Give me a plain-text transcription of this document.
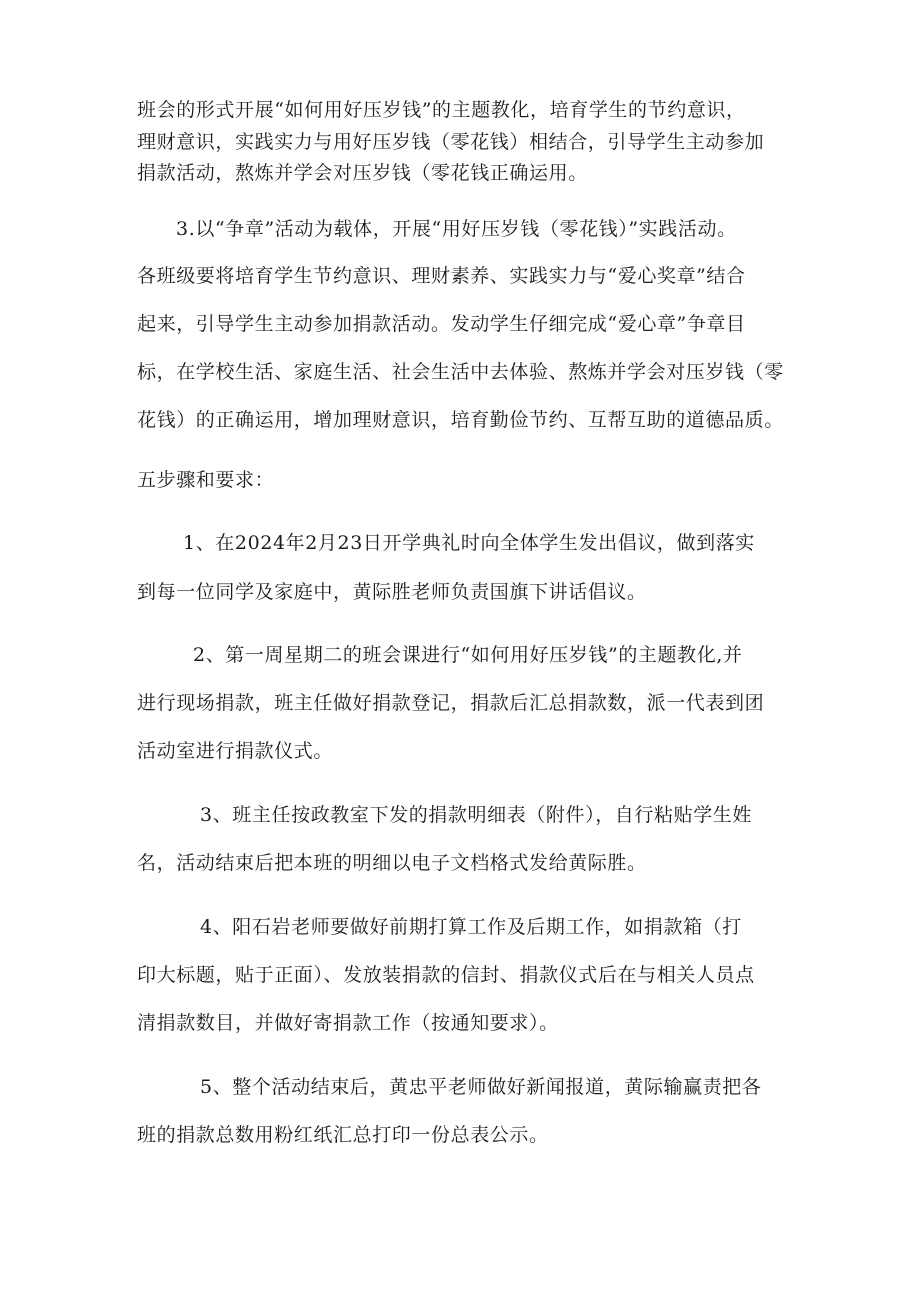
班会的形式开展“如何用好压岁钱”的主题教化，培育学生的节约意识，
理财意识，实践实力与用好压岁钱（零花钱）相结合，引导学生主动参加
捐款活动，熬炼并学会对压岁钱（零花钱正确运用。
3.以“争章”活动为载体，开展“用好压岁钱（零花钱）”实践活动。
各班级要将培育学生节约意识、理财素养、实践实力与“爱心奖章”结合
起来，引导学生主动参加捐款活动。发动学生仔细完成“爱心章”争章目
标，在学校生活、家庭生活、社会生活中去体验、熬炼并学会对压岁钱（零
花钱）的正确运用，增加理财意识，培育勤俭节约、互帮互助的道德品质。
五步骤和要求：
1、在2024年2月23日开学典礼时向全体学生发出倡议，做到落实
到每一位同学及家庭中，黄际胜老师负责国旗下讲话倡议。
2、第一周星期二的班会课进行“如何用好压岁钱”的主题教化,并
进行现场捐款，班主任做好捐款登记，捐款后汇总捐款数，派一代表到团
活动室进行捐款仪式。
3、班主任按政教室下发的捐款明细表（附件），自行粘贴学生姓
名，活动结束后把本班的明细以电子文档格式发给黄际胜。
4、阳石岩老师要做好前期打算工作及后期工作，如捐款箱（打
印大标题，贴于正面）、发放装捐款的信封、捐款仪式后在与相关人员点
清捐款数目，并做好寄捐款工作（按通知要求）。
5、整个活动结束后，黄忠平老师做好新闻报道，黄际输赢责把各
班的捐款总数用粉红纸汇总打印一份总表公示。
